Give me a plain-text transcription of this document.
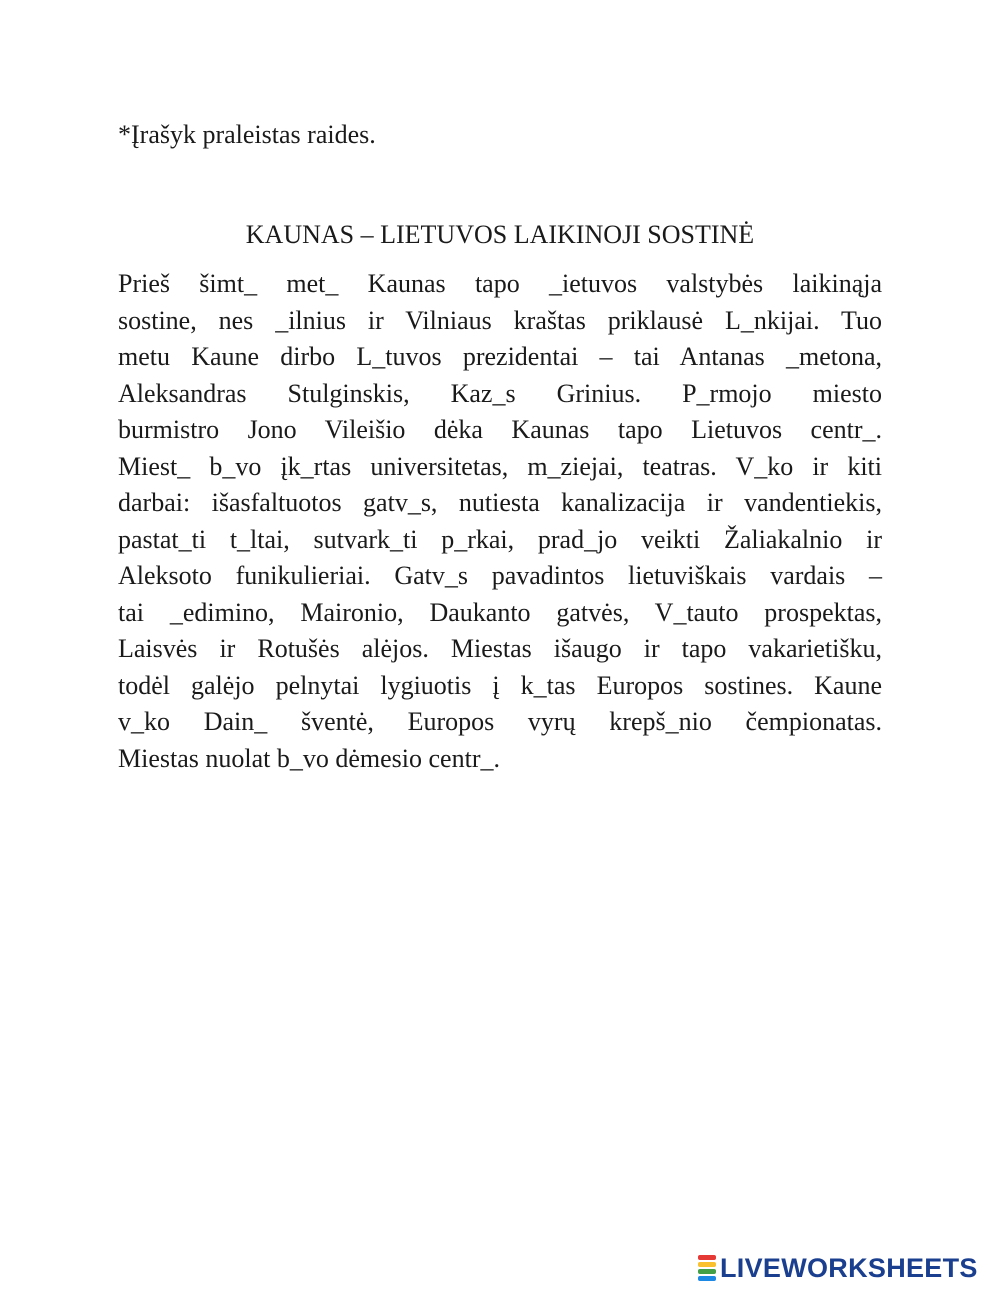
*Įrašyk praleistas raides.

KAUNAS – LIETUVOS LAIKINOJI SOSTINĖ
Prieš šimt_ met_ Kaunas tapo _ietuvos valstybės laikinąja
sostine, nes _ilnius ir Vilniaus kraštas priklausė L_nkijai. Tuo
metu Kaune dirbo L_tuvos prezidentai – tai Antanas _metona,
Aleksandras Stulginskis, Kaz_s Grinius. P_rmojo miesto
burmistro Jono Vileišio dėka Kaunas tapo Lietuvos centr_.
Miest_ b_vo įk_rtas universitetas, m_ziejai, teatras. V_ko ir kiti
darbai: išasfaltuotos gatv_s, nutiesta kanalizacija ir vandentiekis,
pastat_ti t_ltai, sutvark_ti p_rkai, prad_jo veikti Žaliakalnio ir
Aleksoto funikulieriai. Gatv_s pavadintos lietuviškais vardais –
tai _edimino, Maironio, Daukanto gatvės, V_tauto prospektas,
Laisvės ir Rotušės alėjos. Miestas išaugo ir tapo vakarietišku,
todėl galėjo pelnytai lygiuotis į k_tas Europos sostines. Kaune
v_ko Dain_ šventė, Europos vyrų krepš_nio čempionatas.
Miestas nuolat b_vo dėmesio centr_.
LIVEWORKSHEETS
